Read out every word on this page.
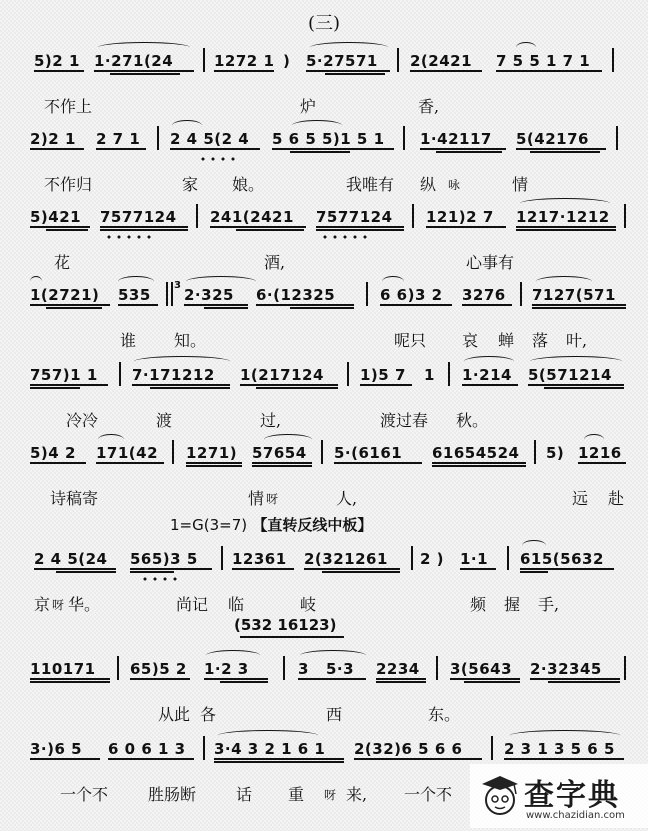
(三)
5)2 1 1·271(24	1272 1 ) 5·27571 2(2421 7 5 5 1 7 1
不作上	炉	香,
2)2 1 2 7 1 2 4 5(2 4 5 6 5 5)1 5 1 1·42117 5(42176
不作归	家 娘。	我唯有 纵 咏	情
5)421 7577124 241(2421 7577124 121)2 7 1217·1212
花	酒,	心事有
1(2721) 535
3
2·325 6·(12325	6 6)3 2 3276 7127(571
谁 知。	呢只 哀 蝉 落 叶,
757)1 1 7·171212 1(217124 1)5 7 1 1·214 5(571214
冷冷	渡	过,	渡过春 秋。
5)4 2 171(42 1271) 57654 5·(6161 61654524 5) 1216
诗稿寄	情 呀	人,	远 赴
1=G(3=7) 【直转反线中板】
2 4 5(24 565)3 5 12361 2(321261 2 ) 1·1 615(5632
京 呀 华。	尚记 临	岐	频 握 手,
(532 16123)
110171 65)5 2 1·2 3	3 5·3 2234 3(5643 2·32345
从此 各	西	东。
3·)6 5 6 0 6 1 3 3·4 3 2 1 6 1 2(32)6 5 6 6	2 3 1 3 5 6 5
一个不 胜肠断 话 重 呀 来, 一个不 查字典
www.chazidian.com
